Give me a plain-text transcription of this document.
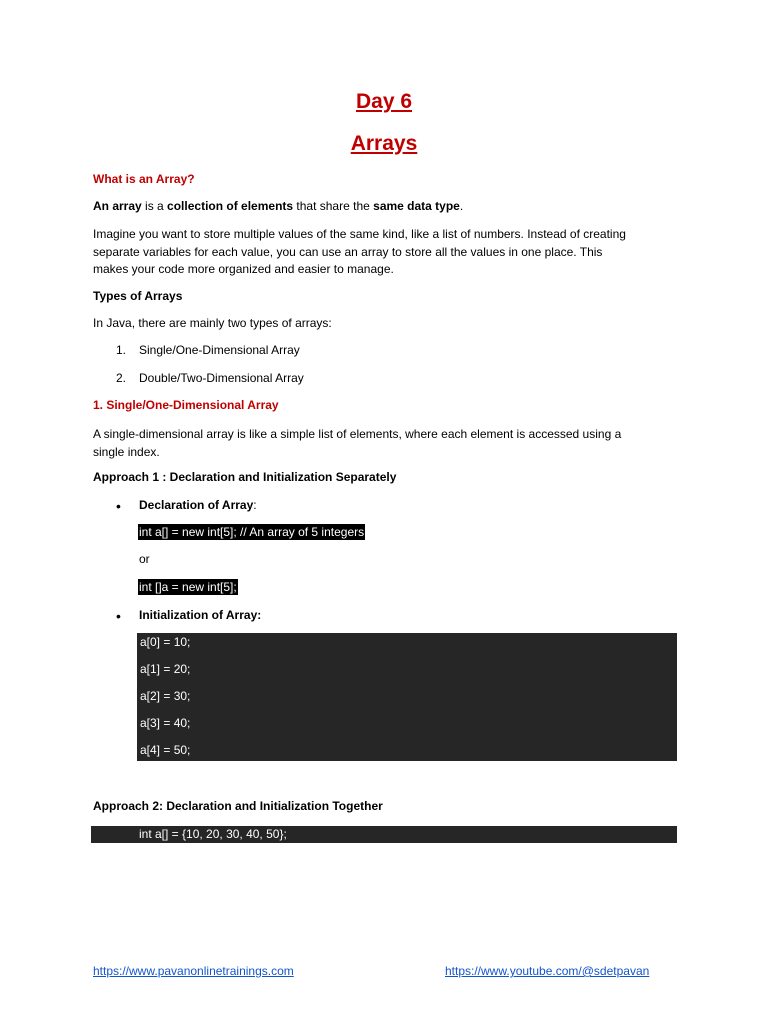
Day 6
Arrays
What is an Array?
An array is a collection of elements that share the same data type.
Imagine you want to store multiple values of the same kind, like a list of numbers. Instead of creating
separate variables for each value, you can use an array to store all the values in one place. This
makes your code more organized and easier to manage.
Types of Arrays
In Java, there are mainly two types of arrays:
1. Single/One-Dimensional Array
2. Double/Two-Dimensional Array
1. Single/One-Dimensional Array
A single-dimensional array is like a simple list of elements, where each element is accessed using a
single index.
Approach 1 : Declaration and Initialization Separately
• Declaration of Array:
int a[] = new int[5]; // An array of 5 integers
or
int []a = new int[5];
• Initialization of Array:
a[0] = 10;
a[1] = 20;
a[2] = 30;
a[3] = 40;
a[4] = 50;
Approach 2: Declaration and Initialization Together
int a[] = {10, 20, 30, 40, 50};
https://www.pavanonlinetrainings.com	https://www.youtube.com/@sdetpavan
